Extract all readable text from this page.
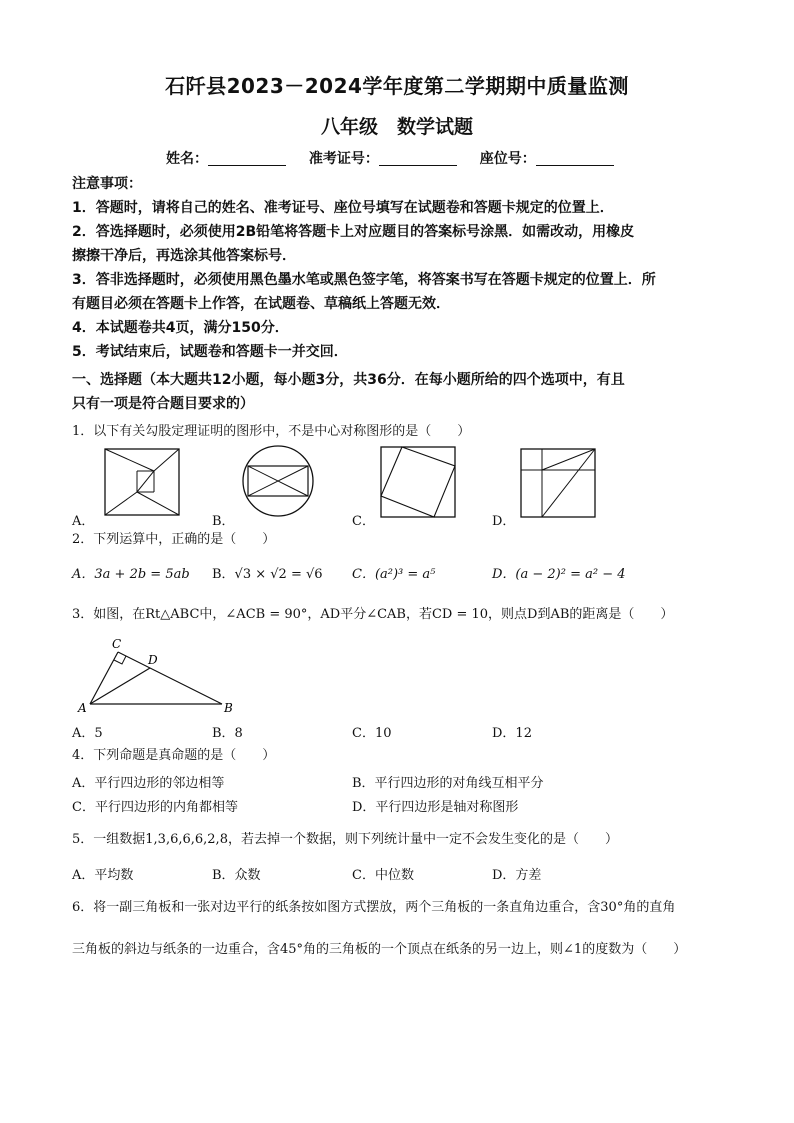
石阡县2023－2024学年度第二学期期中质量监测
八年级　数学试题
姓名：	准考证号：	座位号：
注意事项：
1．答题时，请将自己的姓名、准考证号、座位号填写在试题卷和答题卡规定的位置上．
2．答选择题时，必须使用2B铅笔将答题卡上对应题目的答案标号涂黑．如需改动，用橡皮
擦擦干净后，再选涂其他答案标号．
3．答非选择题时，必须使用黑色墨水笔或黑色签字笔，将答案书写在答题卡规定的位置上．所
有题目必须在答题卡上作答，在试题卷、草稿纸上答题无效．
4．本试题卷共4页，满分150分．
5．考试结束后，试题卷和答题卡一并交回．
一、选择题（本大题共12小题，每小题3分，共36分．在每小题所给的四个选项中，有且
只有一项是符合题目要求的）
1．以下有关勾股定理证明的图形中，不是中心对称图形的是（　　）
A．	B．	C．	D．
2．下列运算中，正确的是（　　）
A．3a + 2b = 5ab B．√3 × √2 = √6 C．(a²)³ = a⁵	D．(a − 2)² = a² − 4
3．如图，在Rt△ABC中，∠ACB = 90°，AD平分∠CAB，若CD = 10，则点D到AB的距离是（　　）
C
D
A	B
A．5	B．8	C．10	D．12
4．下列命题是真命题的是（　　）
A．平行四边形的邻边相等	B．平行四边形的对角线互相平分
C．平行四边形的内角都相等	D．平行四边形是轴对称图形
5．一组数据1,3,6,6,6,2,8，若去掉一个数据，则下列统计量中一定不会发生变化的是（　　）
A．平均数	B．众数	C．中位数	D．方差
6．将一副三角板和一张对边平行的纸条按如图方式摆放，两个三角板的一条直角边重合，含30°角的直角
三角板的斜边与纸条的一边重合，含45°角的三角板的一个顶点在纸条的另一边上，则∠1的度数为（　　）
